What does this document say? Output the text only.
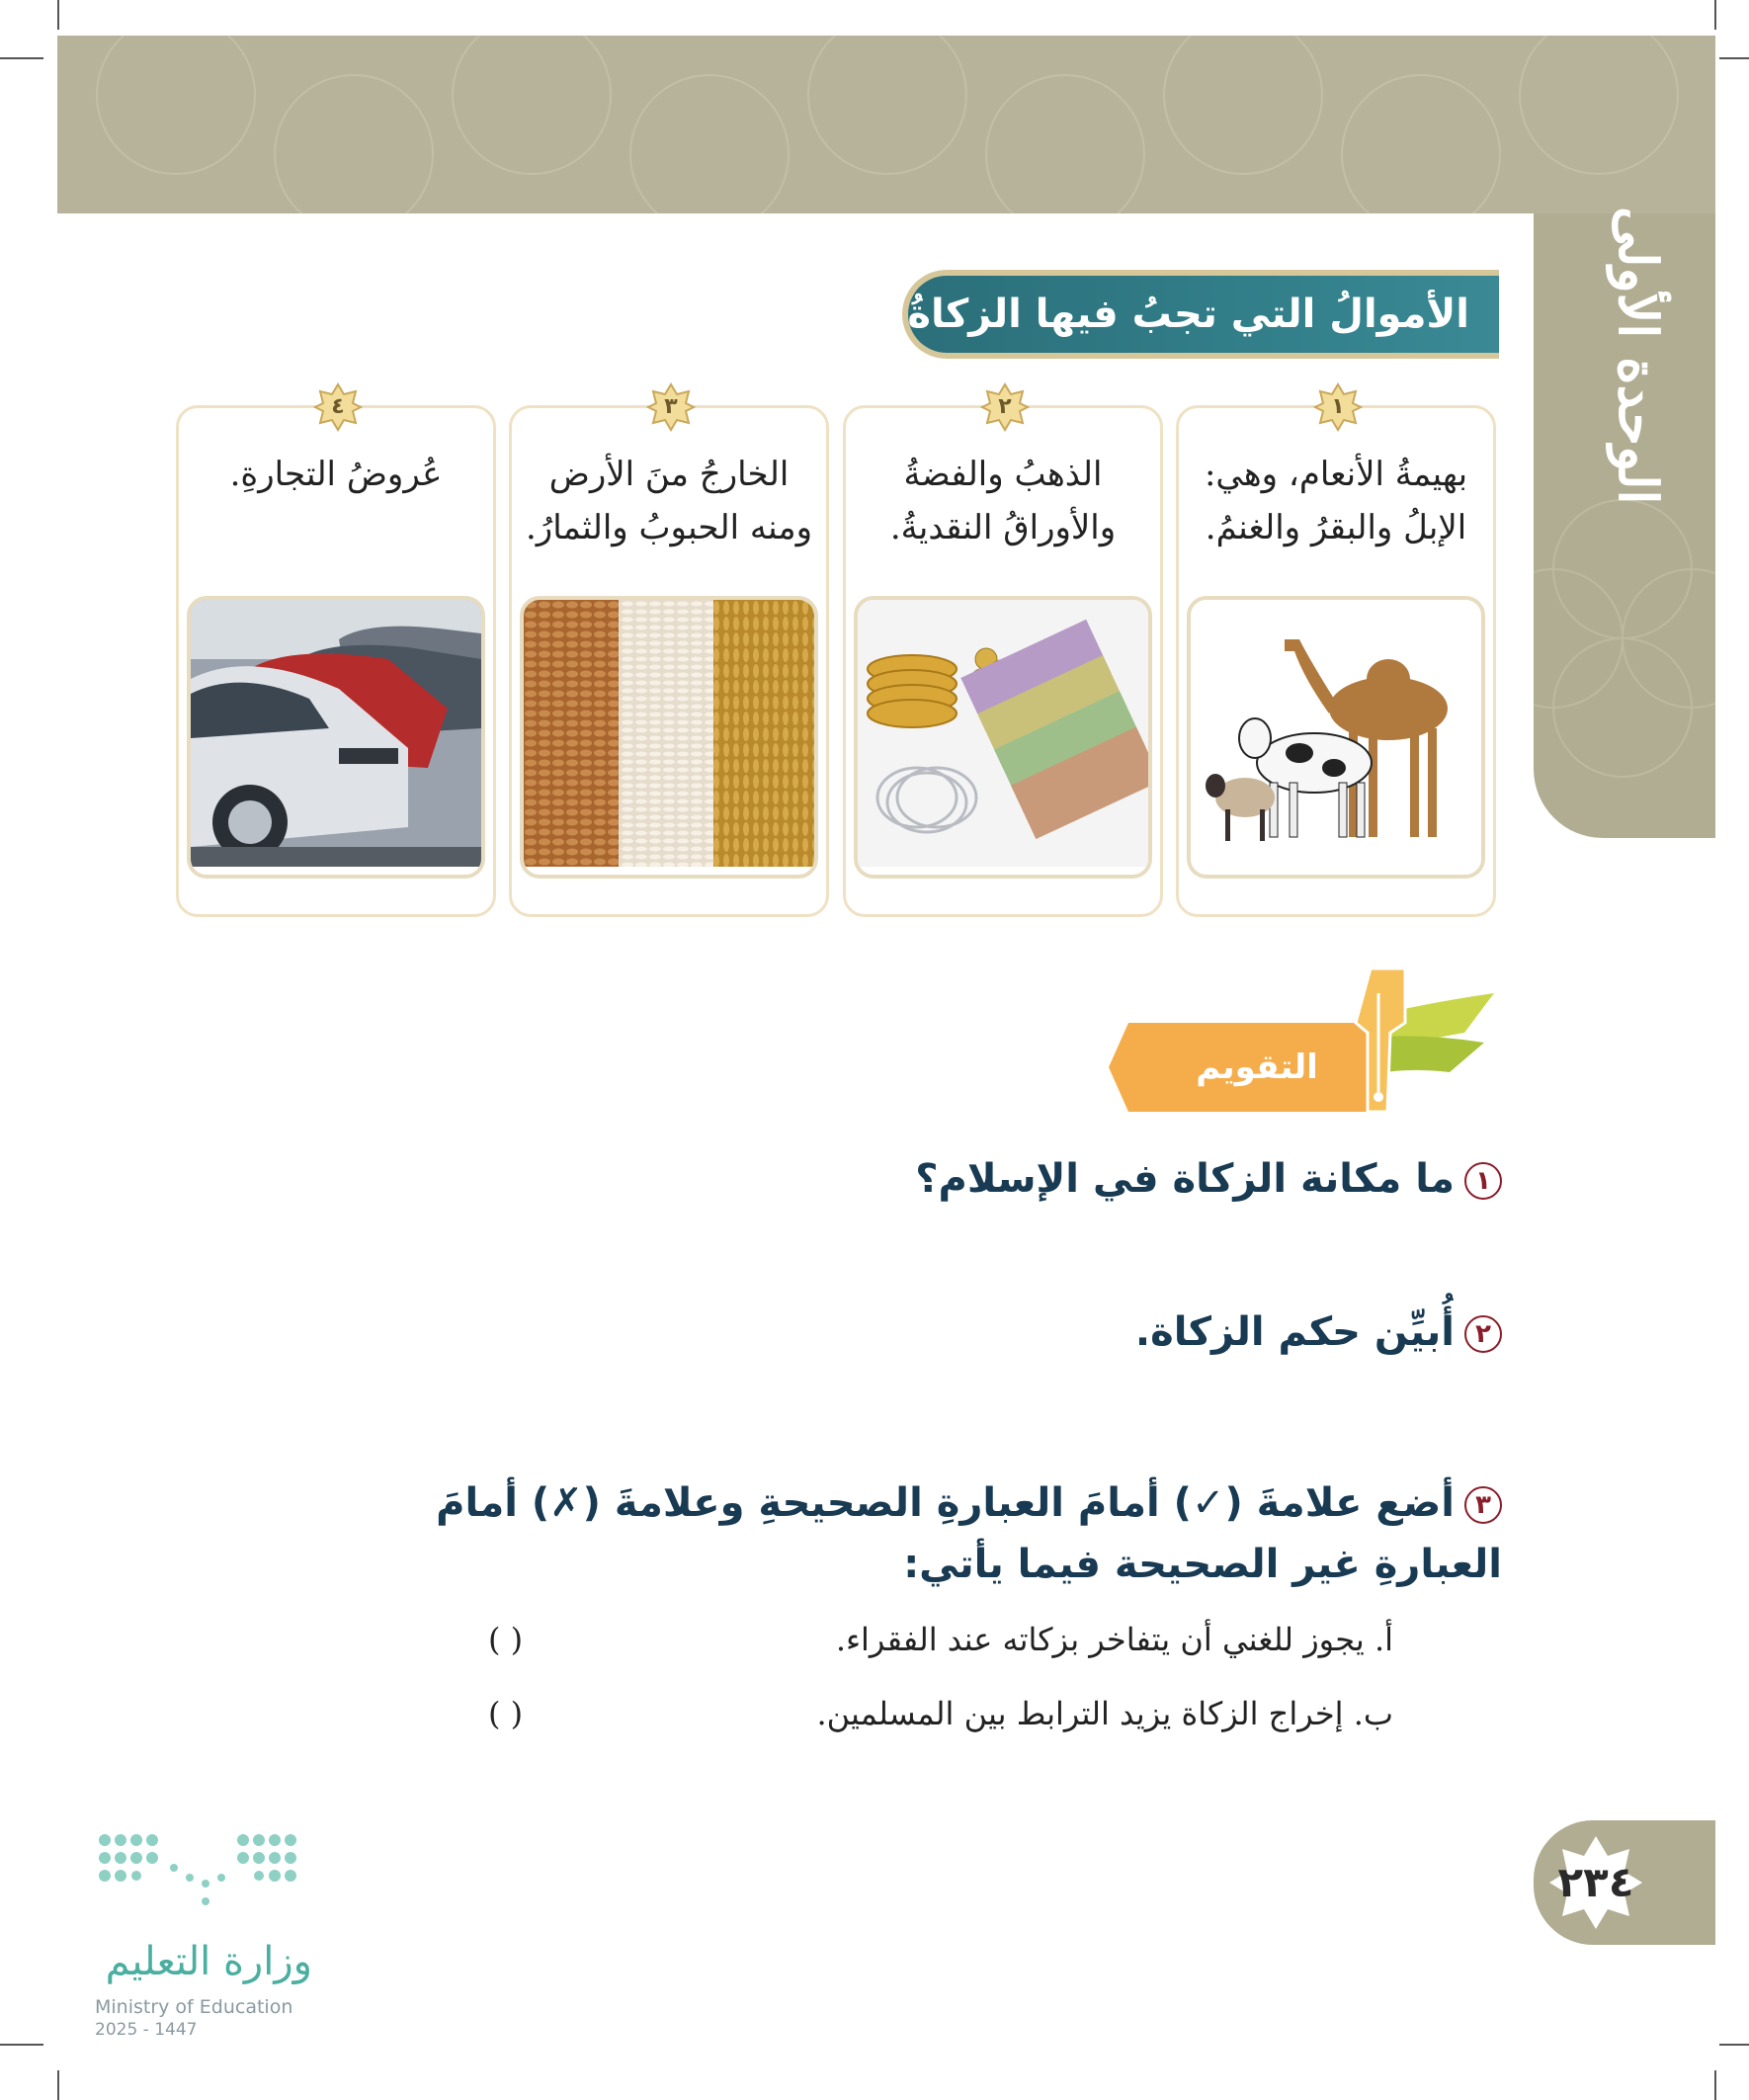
الوحدة الأولى
الأموالُ التي تجبُ فيها الزكاةُ
٤
عُروضُ التجارةِ.
٣
الخارجُ منَ الأرض ومنه الحبوبُ والثمارُ.
٢
الذهبُ والفضةُ والأوراقُ النقديةُ.
١
بهيمةُ الأنعام، وهي: الإبلُ والبقرُ والغنمُ.
التقويم
١ما مكانة الزكاة في الإسلام؟
٢أُبيِّن حكم الزكاة.
٣أضع علامةَ (✓) أمامَ العبارةِ الصحيحةِ وعلامةَ (✗) أمامَ العبارةِ غير الصحيحة فيما يأتي:
أ. يجوز للغني أن يتفاخر بزكاته عند الفقراء.
( )
ب. إخراج الزكاة يزيد الترابط بين المسلمين.
( )
٢٣٤
وزارة التعليم
Ministry of Education
2025 - 1447
